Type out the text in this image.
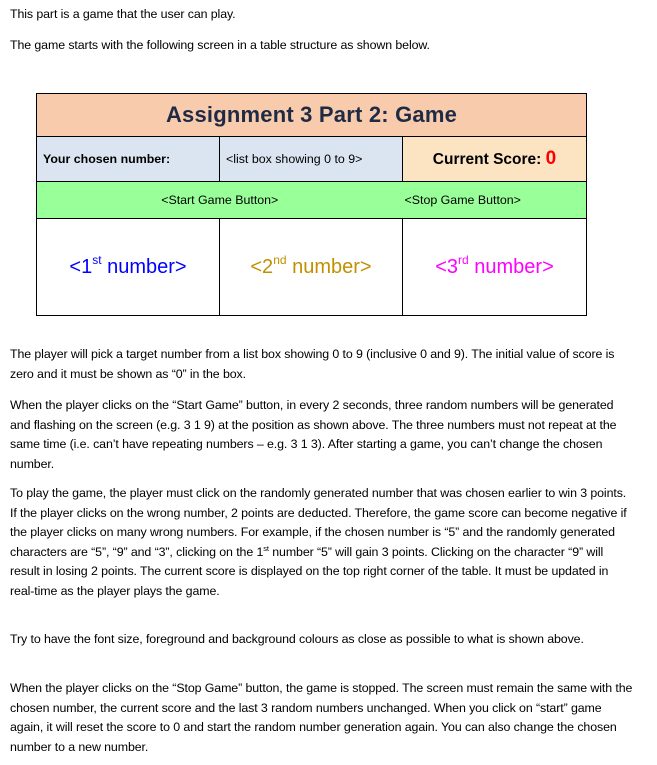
This part is a game that the user can play.

The game starts with the following screen in a table structure as shown below.

Assignment 3 Part 2: Game		
Your chosen number:	<list box showing 0 to 9>	Current Score: 0
<Start Game Button>		<Stop Game Button>
<1st number>	<2nd number>	<3rd number>

The player will pick a target number from a list box showing 0 to 9 (inclusive 0 and 9). The initial value of score is zero and it must be shown as “0” in the box.

When the player clicks on the “Start Game” button, in every 2 seconds, three random numbers will be generated and flashing on the screen (e.g. 3 1 9) at the position as shown above. The three numbers must not repeat at the same time (i.e. can’t have repeating numbers – e.g. 3 1 3). After starting a game, you can’t change the chosen number.

To play the game, the player must click on the randomly generated number that was chosen earlier to win 3 points. If the player clicks on the wrong number, 2 points are deducted. Therefore, the game score can become negative if the player clicks on many wrong numbers. For example, if the chosen number is “5” and the randomly generated characters are “5”, “9” and “3”, clicking on the 1st number “5” will gain 3 points. Clicking on the character “9” will result in losing 2 points. The current score is displayed on the top right corner of the table. It must be updated in real-time as the player plays the game.

Try to have the font size, foreground and background colours as close as possible to what is shown above.

When the player clicks on the “Stop Game” button, the game is stopped. The screen must remain the same with the chosen number, the current score and the last 3 random numbers unchanged. When you click on “start” game again, it will reset the score to 0 and start the random number generation again. You can also change the chosen number to a new number.
